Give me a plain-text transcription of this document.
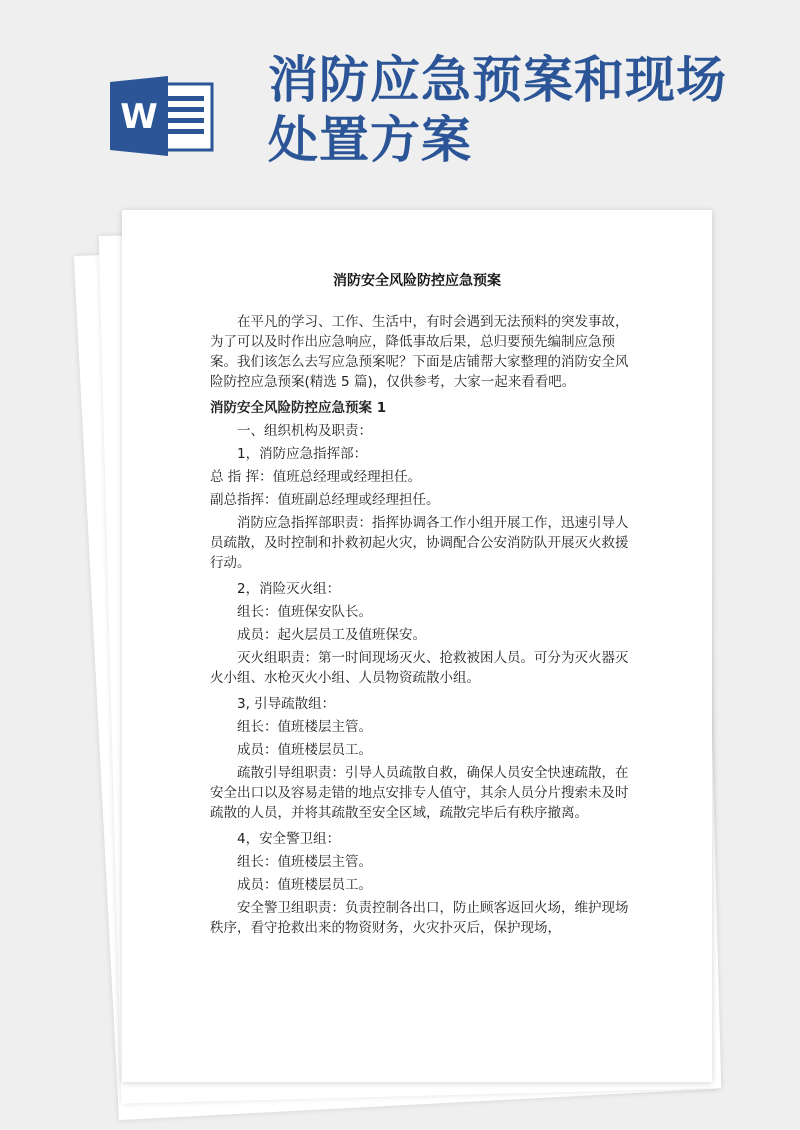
W
消防应急预案和现场处置方案
消防安全风险防控应急预案
在平凡的学习、工作、生活中，有时会遇到无法预料的突发事故，为了可以及时作出应急响应，降低事故后果，总归要预先编制应急预案。我们该怎么去写应急预案呢？下面是店铺帮大家整理的消防安全风险防控应急预案(精选 5 篇)，仅供参考，大家一起来看看吧。
消防安全风险防控应急预案 1
一、组织机构及职责：
1，消防应急指挥部：
总 指 挥：值班总经理或经理担任。
副总指挥：值班副总经理或经理担任。
消防应急指挥部职责：指挥协调各工作小组开展工作，迅速引导人员疏散，及时控制和扑救初起火灾，协调配合公安消防队开展灭火救援行动。
2，消险灭火组：
组长：值班保安队长。
成员：起火层员工及值班保安。
灭火组职责：第一时间现场灭火、抢救被困人员。可分为灭火器灭火小组、水枪灭火小组、人员物资疏散小组。
3, 引导疏散组：
组长：值班楼层主管。
成员：值班楼层员工。
疏散引导组职责：引导人员疏散自救，确保人员安全快速疏散，在安全出口以及容易走错的地点安排专人值守，其余人员分片搜索未及时疏散的人员，并将其疏散至安全区域，疏散完毕后有秩序撤离。
4，安全警卫组：
组长：值班楼层主管。
成员：值班楼层员工。
安全警卫组职责：负责控制各出口，防止顾客返回火场，维护现场秩序，看守抢救出来的物资财务，火灾扑灭后，保护现场，
